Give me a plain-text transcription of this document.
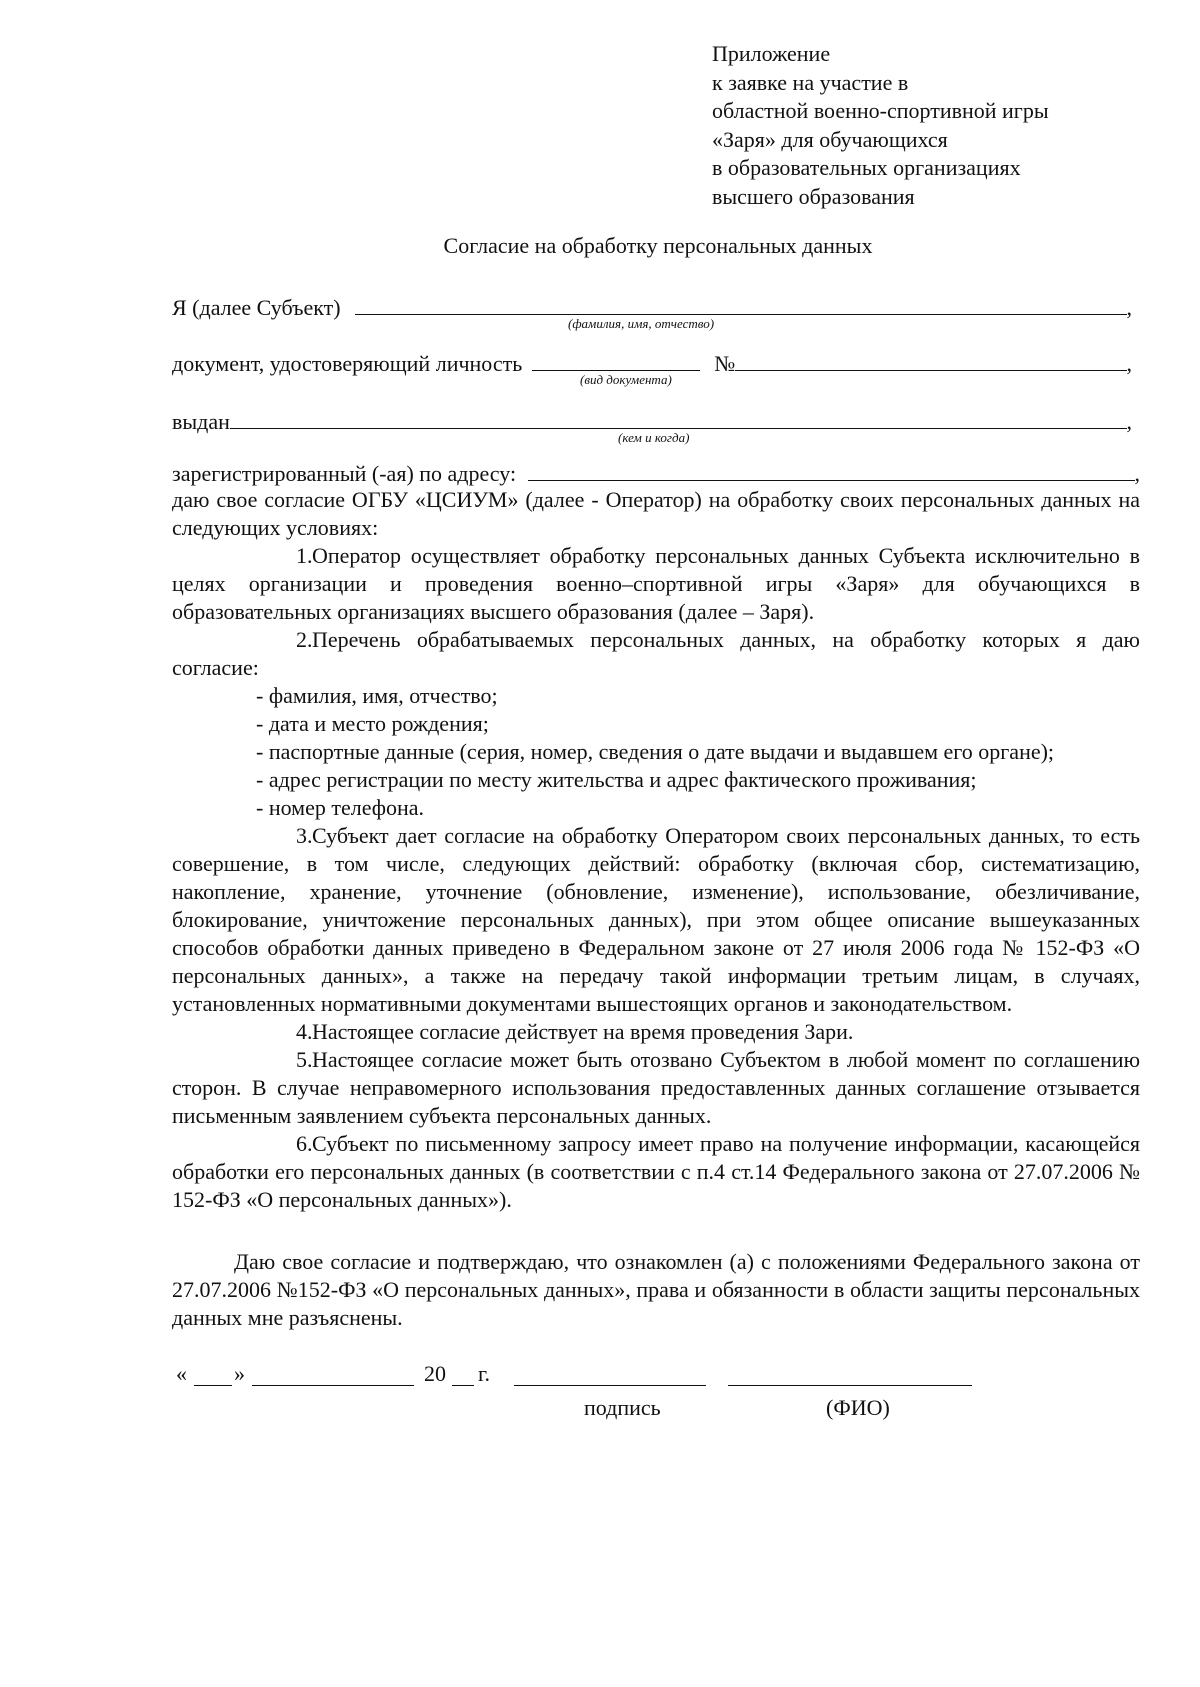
Приложение
к заявке на участие в
областной военно-спортивной игры
«Заря» для обучающихся
в образовательных организациях
высшего образования
Согласие на обработку персональных данных
Я (далее Субъект)	,
(фамилия, имя, отчество)
документ, удостоверяющий личность	№	,
(вид документа)
выдан	,
(кем и когда)
зарегистрированный (-ая) по адресу:	,
даю свое согласие ОГБУ «ЦСИУМ» (далее - Оператор) на обработку своих персональных данных на следующих условиях:
1.Оператор осуществляет обработку персональных данных Субъекта исключительно в целях организации и проведения военно–спортивной игры «Заря» для обучающихся в образовательных организациях высшего образования (далее – Заря).
2.Перечень обрабатываемых персональных данных, на обработку которых я даю согласие:
- фамилия, имя, отчество;
- дата и место рождения;
- паспортные данные (серия, номер, сведения о дате выдачи и выдавшем его органе);
- адрес регистрации по месту жительства и адрес фактического проживания;
- номер телефона.
3.Субъект дает согласие на обработку Оператором своих персональных данных, то есть совершение, в том числе, следующих действий: обработку (включая сбор, систематизацию, накопление, хранение, уточнение (обновление, изменение), использование, обезличивание, блокирование, уничтожение персональных данных), при этом общее описание вышеуказанных способов обработки данных приведено в Федеральном законе от 27 июля 2006 года № 152-ФЗ «О персональных данных», а также на передачу такой информации третьим лицам, в случаях, установленных нормативными документами вышестоящих органов и законодательством.
4.Настоящее согласие действует на время проведения Зари.
5.Настоящее согласие может быть отозвано Субъектом в любой момент по соглашению сторон. В случае неправомерного использования предоставленных данных соглашение отзывается письменным заявлением субъекта персональных данных.
6.Субъект по письменному запросу имеет право на получение информации, касающейся обработки его персональных данных (в соответствии с п.4 ст.14 Федерального закона от 27.07.2006 № 152-ФЗ «О персональных данных»).
Даю свое согласие и подтверждаю, что ознакомлен (а) с положениями Федерального закона от 27.07.2006 №152-ФЗ «О персональных данных», права и обязанности в области защиты персональных данных мне разъяснены.
« »	20 г.
подпись	(ФИО)
